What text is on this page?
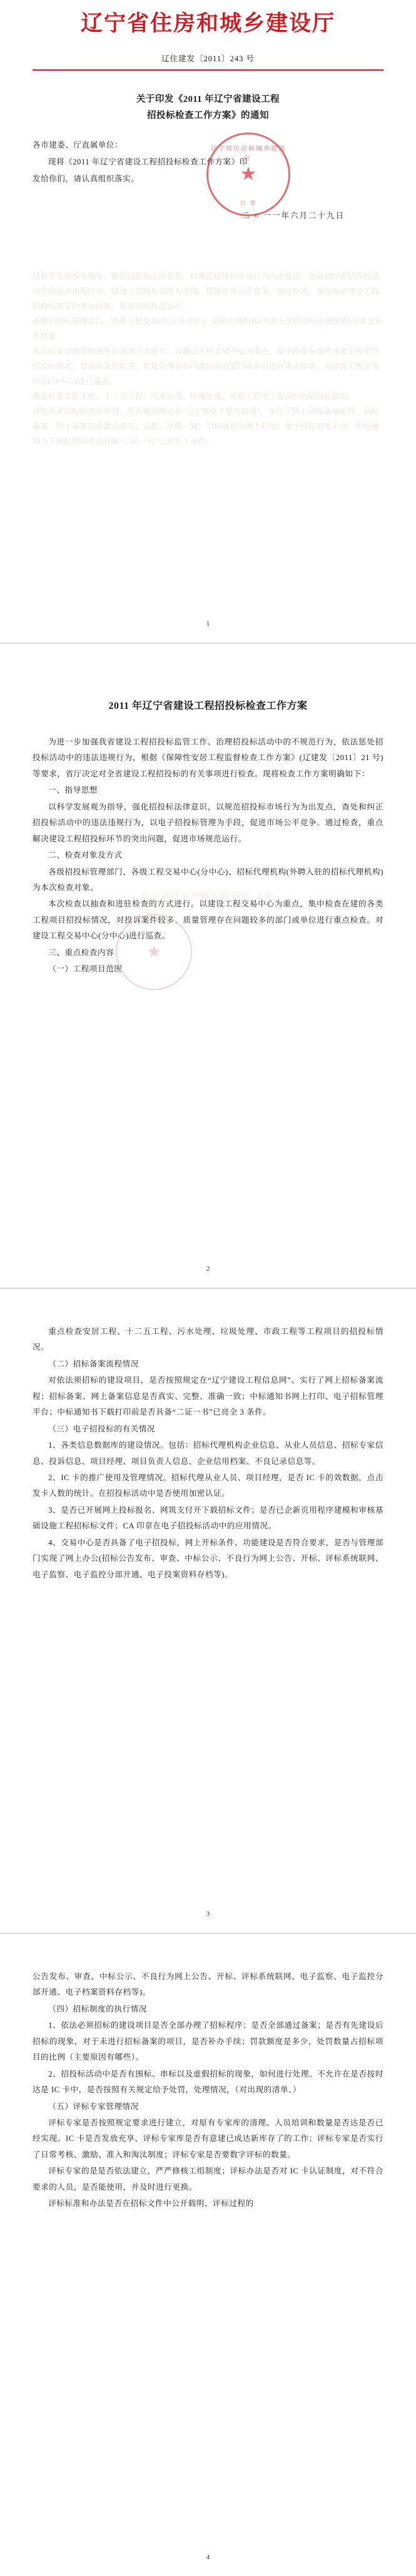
辽宁省住房和城乡建设厅
辽住建发〔2011〕243 号
关于印发《2011 年辽宁省建设工程
招投标检查工作方案》的通知

各市建委、厅直属单位：

现将《2011 年辽宁省建设工程招投标检查工作方案》印

发给你们，请认真组织落实。

二 ○ 一一年六月二十九日
辽宁省住房和城乡建设厅
★
公 章

以科学发展观为指导，强化招投标法律意识，以规范招投标市场行为为出发点，查处和纠正招投标活动中的违法违规行为，以电子招投标管理为手段，促进市场公平竞争。通过检查，重点解决建设工程招投标环节的突出问题，促进市场规范运行。

各级招投标管理部门、各级工程交易中心(分中心)、招标代理机构(外聘入驻的招标代理机构)为本次检查对象。

本次检查以抽查和进驻检查的方式进行。以建设工程交易中心为重点，集中检查在建的各类工程项目招投标情况，对投诉案件较多、质量管理存在问题较多的部门或单位进行重点检查。对建设工程交易中心(分中心)进行巡查。

重点检查安居工程、十二五工程、污水处理、垃圾处理、市政工程等工程项目的招投标情况。

对依法须招标的建设项目，是否按照规定在“辽宁建设工程信息网”、实行了网上招标备案流程；招标备案、网上备案信息是否真实、完整、准确一致；中标通知书网上打印、电子招标管理平台；中标通知书下载打印前是否具备“二证一书”已亮全 3 条件。

1
2011 年辽宁省建设工程招投标检查工作方案

为进一步加强我省建设工程招投标监管工作、治理招投标活动中的不规范行为，依法惩处招投标活动中的违法违规行为，根据《保障性安居工程监督检查工作方案》(辽建发〔2011〕21 号)等要求，省厅决定对全省建设工程招投标的有关事项进行检查。现将检查工作方案明确如下：

一、指导思想

以科学发展观为指导，强化招投标法律意识，以规范招投标市场行为为出发点，查处和纠正招投标活动中的违法违规行为，以电子招投标管理为手段，促进市场公平竞争。通过检查，重点解决建设工程招投标环节的突出问题，促进市场规范运行。

二、检查对象及方式

各级招投标管理部门、各级工程交易中心(分中心)、招标代理机构(外聘入驻的招标代理机构)为本次检查对象。

本次检查以抽查和进驻检查的方式进行。以建设工程交易中心为重点，集中检查在建的各类工程项目招投标情况，对投诉案件较多、质量管理存在问题较多的部门或单位进行重点检查。对建设工程交易中心(分中心)进行巡查。

三、重点检查内容

（一）工程项目范围

辽宁省住房和城乡建设厅 文件
★
2

重点检查安居工程、十二五工程、污水处理、垃圾处理、市政工程等工程项目的招投标情况。

（二）招标备案流程情况

对依法须招标的建设项目，是否按照规定在“辽宁建设工程信息网”、实行了网上招标备案流程；招标备案、网上备案信息是否真实、完整、准确一致；中标通知书网上打印、电子招标管理平台；中标通知书下载打印前是否具备“二证一书”已亮全 3 条件。

（三）电子招投标的有关情况

1、各类信息数据库的建设情况。包括：招标代理机构企业信息、从业人员信息、招标专家信息、投诉信息、项目经理、项目负责人信息、企业信用档案、不良记录信息等。

2、IC 卡的推广使用及管理情况。招标代理从业人员、项目经理，是否 IC 卡的效数据，点击发卡人数的统计。在招投标活动中是否使用加密认证。

3、是否已开展网上投标报名、网筑支付开下载招标文件；是否已企新页用程序建模和审核基础设施工程招标标文件；CA 印章在电子招投标活动中的应用情况。

4、交易中心是否具备了电子招投标，网上开标条件、功能建设是否符合要求，是否与管理部门实现了网上办公(招标公告发布、审查、中标公示、不良行为网上公告、开标、评标系统联网、电子监察、电子监控分部开通、电子投案资料存档等)。

3

公告发布、审查、中标公示、不良行为网上公告、开标、评标系统联网、电子监察、电子监控分部开通、电子档案资料存档等)。

（四）招标制度的执行情况

1、依法必须招标的建设项目是否全部办理了招标程序；是否全部通过备案；是否有先建设后招标的现象，对于未进行招标备案的项目，是否补办手续；罚款额度是多少，处罚数量占招标项目的比例（主要原因有哪些）。

2、招投标活动中是否有围标、串标以及虚假招标的现象，如何进行处理。不允许在是否按时达是 IC 卡中，是否按照有关规定给予处罚，处理情况，（对出现的清单、）

（五）评标专家管理情况

评标专家是否按照规定要求进行建立，对原有专家库的清理、人员培训和数量是否达是否已经实现。IC 卡是否发放充享、评标专家库是否有意建已成达新库存了的工作；评标专家是否实行了日常考核、激励、准入和淘汰制度；评标专家是否要数字评标的数量。

评标专家的是是否依法建立，严严修核工组制度；评标办法是否对 IC 卡认证制度，对不符合要求的人员，是否能使用，并及时进行更换。

评标标准和办法是否在招标文件中公开载明、评标过程的

4
